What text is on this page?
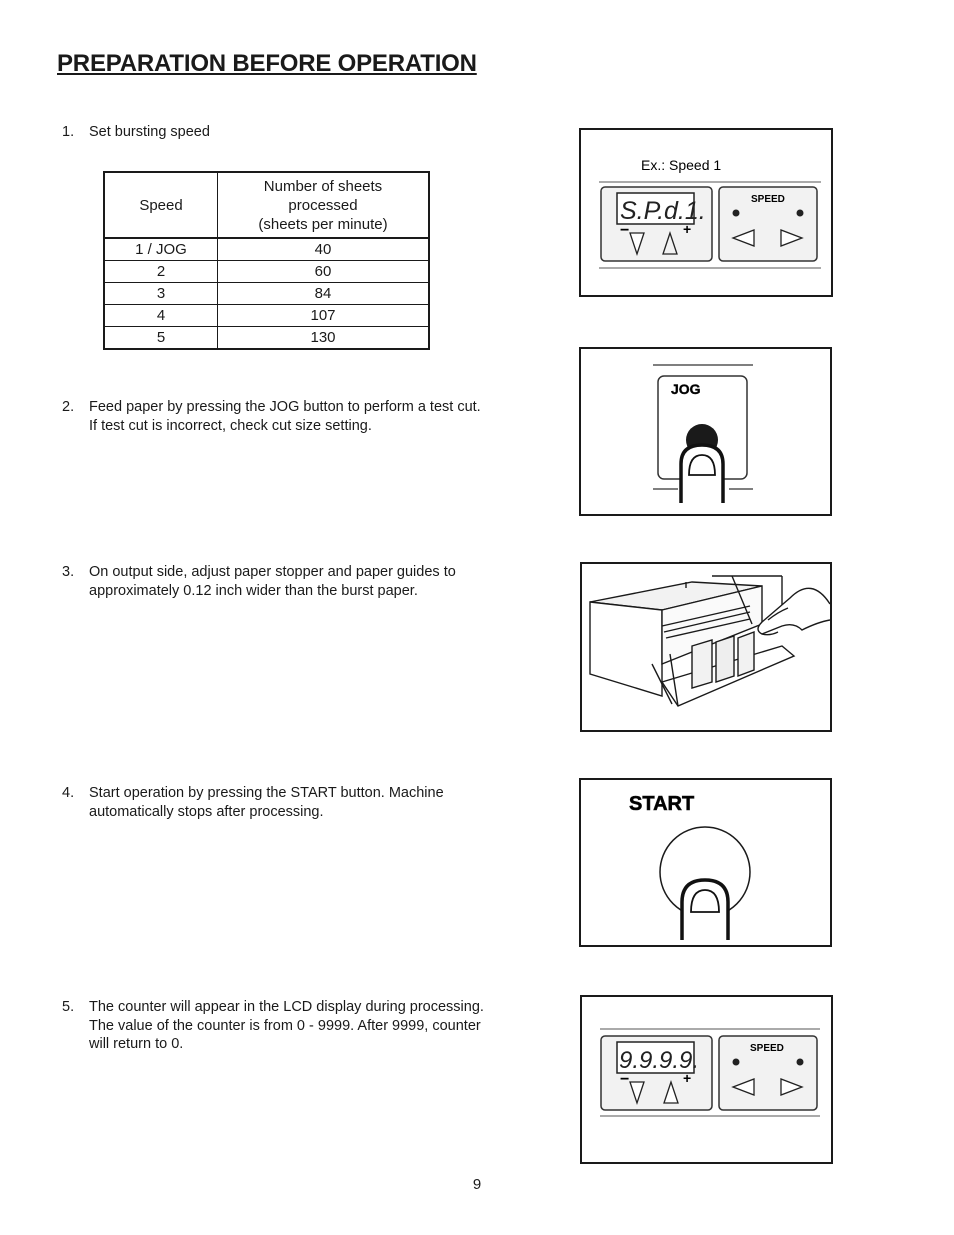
PREPARATION BEFORE OPERATION
1. Set bursting speed
Speed	Number of sheets
processed
(sheets per minute)
1 / JOG	40
2	60
3	84
4	107
5	130
2. Feed paper by pressing the JOG button to perform a test cut. If test cut is incorrect, check cut size setting.
3. On output side, adjust paper stopper and paper guides to approximately 0.12 inch wider than the burst paper.
4. Start operation by pressing the START button. Machine automatically stops after processing.
5. The counter will appear in the LCD display during processing. The value of the counter is from 0 - 9999. After 9999, counter will return to 0.
Ex.: Speed 1
S.P.d.1.
−	+
SPEED
JOG
START
9.9.9.9.
−	+
SPEED
9
